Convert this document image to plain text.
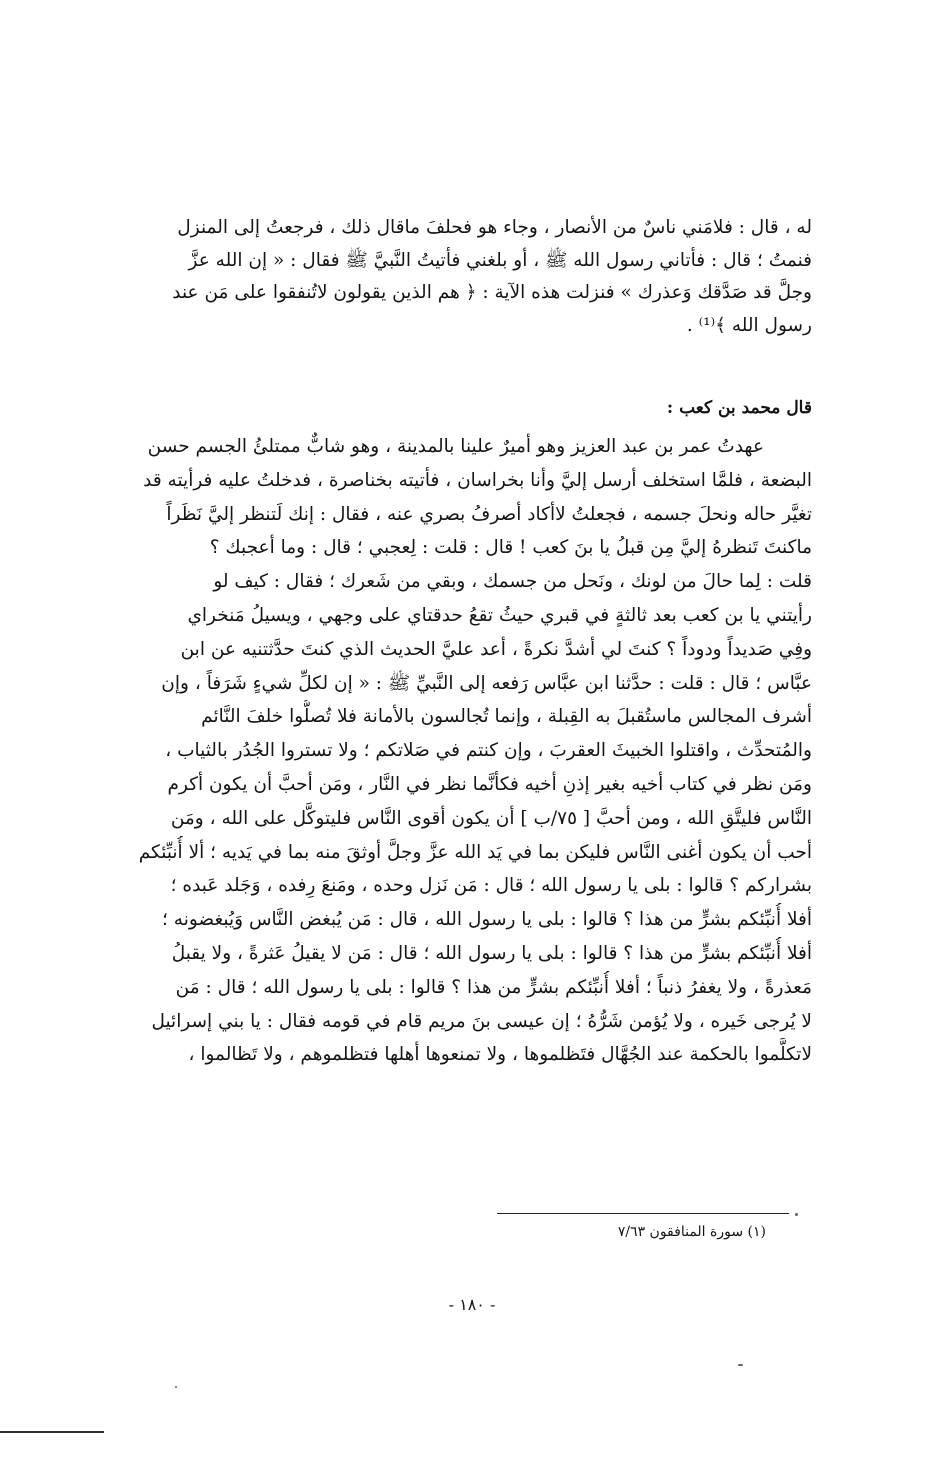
له ، قال : فلامَني ناسٌ من الأنصار ، وجاء هو فحلفَ ماقال ذلك ، فرجعتُ إلى المنزل
فنمتُ ؛ قال : فأتاني رسول الله ﷺ ، أو بلغني فأتيتُ النَّبيَّ ﷺ فقال : « إن الله عزَّ
وجلَّ قد صَدَّقك وَعذرك » فنزلت هذه الآية : ﴿ هم الذين يقولون لاتُنفقوا على مَن عند
رسول الله ﴾⁽¹⁾ .
قال محمد بن كعب :
عهدتُ عمر بن عبد العزيز وهو أميرٌ علينا بالمدينة ، وهو شابٌّ ممتلئُ الجسم حسن
البضعة ، فلمَّا استخلف أرسل إليَّ وأنا بخراسان ، فأتيته بخناصرة ، فدخلتُ عليه فرأيته قد
تغيَّر حاله ونحلَ جسمه ، فجعلتُ لاأكاد أصرفُ بصري عنه ، فقال : إنك لَتنظر إليَّ نَظَراً
ماكنتَ تَنظرهُ إليَّ مِن قبلُ يا بنَ كعب ! قال : قلت : لِعجبي ؛ قال : وما أعجبك ؟
قلت : لِما حالَ من لونك ، ونَحل من جسمك ، وبقي من شَعرك ؛ فقال : كيف لو
رأيتني يا بن كعب بعد ثالثةٍ في قبري حيثُ تقعُ حدقتاي على وجهي ، ويسيلُ مَنخراي
وفِي صَديداً ودوداً ؟ كنتَ لي أشدَّ نكرةً ، أعد عليَّ الحديث الذي كنتَ حدَّثتنيه عن ابن
عبَّاس ؛ قال : قلت : حدَّثنا ابن عبَّاس رَفعه إلى النَّبيِّ ﷺ : « إن لكلِّ شيءٍ شَرَفاً ، وإن
أشرف المجالس ماستُقبلَ به القِبلة ، وإنما تُجالسون بالأمانة فلا تُصلُّوا خلفَ النَّائم
والمُتحدِّث ، واقتلوا الخبيثَ العقربَ ، وإن كنتم في صَلاتكم ؛ ولا تستروا الجُدُر بالثياب ،
ومَن نظر في كتاب أخيه بغير إذنِ أخيه فكأنَّما نظر في النَّار ، ومَن أحبَّ أن يكون أكرم
النَّاس فليتَّقِ الله ، ومن أحبَّ [ ٧٥/ب ] أن يكون أقوى النَّاس فليتوكَّل على الله ، ومَن
أحب أن يكون أغنى النَّاس فليكن بما في يَد الله عزَّ وجلَّ أوثقَ منه بما في يَديه ؛ ألا أُنبِّئكم
بشراركم ؟ قالوا : بلى يا رسول الله ؛ قال : مَن نَزل وحده ، ومَنعَ رِفده ، وَجَلد عَبده ؛
أفلا أُنبِّئكم بشرٍّ من هذا ؟ قالوا : بلى يا رسول الله ، قال : مَن يُبغض النَّاس وَيُبغضونه ؛
أفلا أُنبِّئكم بشرٍّ من هذا ؟ قالوا : بلى يا رسول الله ؛ قال : مَن لا يقيلُ عَثرةً ، ولا يقبلُ
مَعذرةً ، ولا يغفرُ ذنباً ؛ أفلا أُنبِّئكم بشرٍّ من هذا ؟ قالوا : بلى يا رسول الله ؛ قال : مَن
لا يُرجى خَيره ، ولا يُؤمن شَرُّهُ ؛ إن عيسى بنَ مريم قام في قومه فقال : يا بني إسرائيل
لاتكلَّموا بالحكمة عند الجُهَّال فتَظلموها ، ولا تمنعوها أهلها فتظلموهم ، ولا تَظالموا ،
(١) سورة المنافقون ٧/٦٣
- ١٨٠ -
